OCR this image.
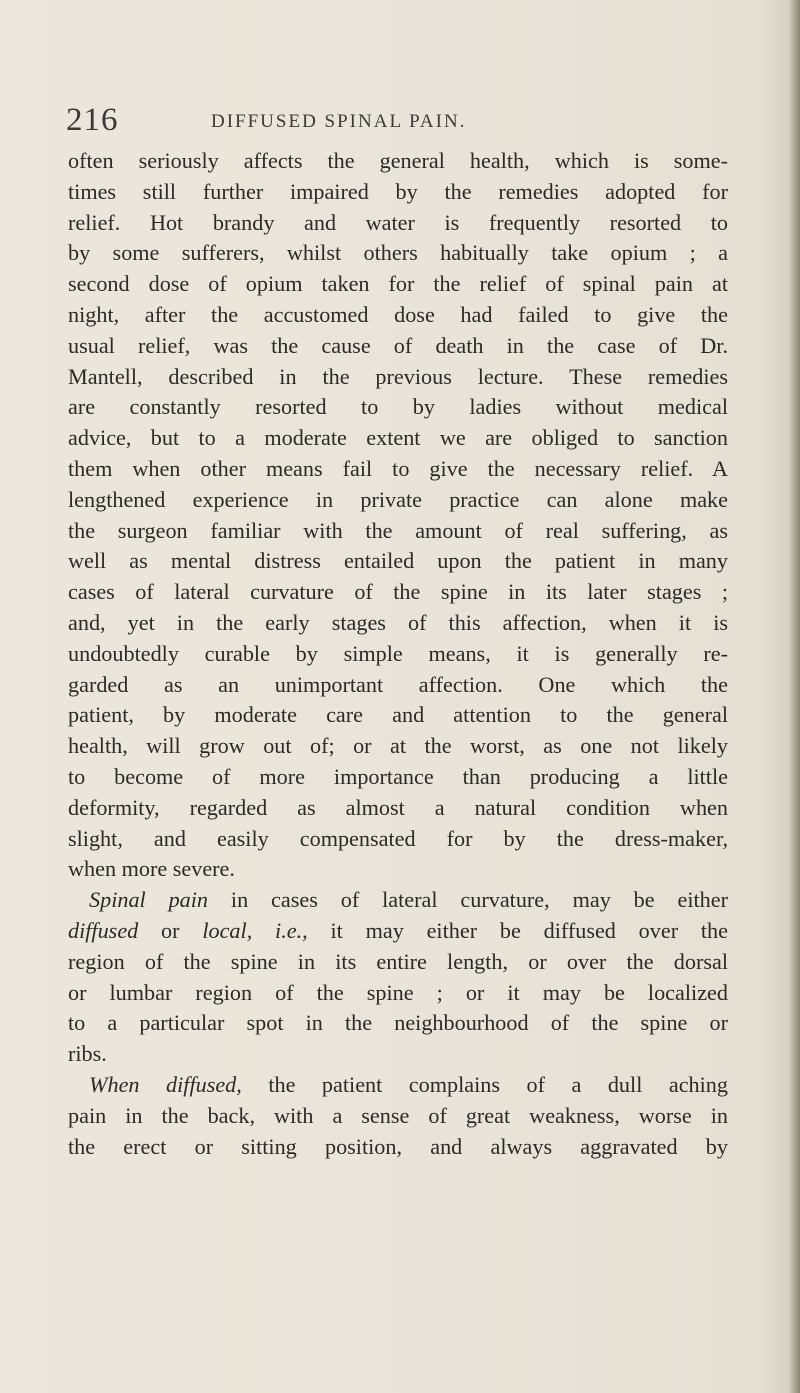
216	DIFFUSED SPINAL PAIN.
often seriously affects the general health, which is some-
times still further impaired by the remedies adopted for
relief. Hot brandy and water is frequently resorted to
by some sufferers, whilst others habitually take opium ; a
second dose of opium taken for the relief of spinal pain at
night, after the accustomed dose had failed to give the
usual relief, was the cause of death in the case of Dr.
Mantell, described in the previous lecture. These remedies
are constantly resorted to by ladies without medical
advice, but to a moderate extent we are obliged to sanction
them when other means fail to give the necessary relief. A
lengthened experience in private practice can alone make
the surgeon familiar with the amount of real suffering, as
well as mental distress entailed upon the patient in many
cases of lateral curvature of the spine in its later stages ;
and, yet in the early stages of this affection, when it is
undoubtedly curable by simple means, it is generally re-
garded as an unimportant affection. One which the
patient, by moderate care and attention to the general
health, will grow out of; or at the worst, as one not likely
to become of more importance than producing a little
deformity, regarded as almost a natural condition when
slight, and easily compensated for by the dress-maker,
when more severe.
Spinal pain in cases of lateral curvature, may be either
diffused or local, i.e., it may either be diffused over the
region of the spine in its entire length, or over the dorsal
or lumbar region of the spine ; or it may be localized
to a particular spot in the neighbourhood of the spine or
ribs.
When diffused, the patient complains of a dull aching
pain in the back, with a sense of great weakness, worse in
the erect or sitting position, and always aggravated by
